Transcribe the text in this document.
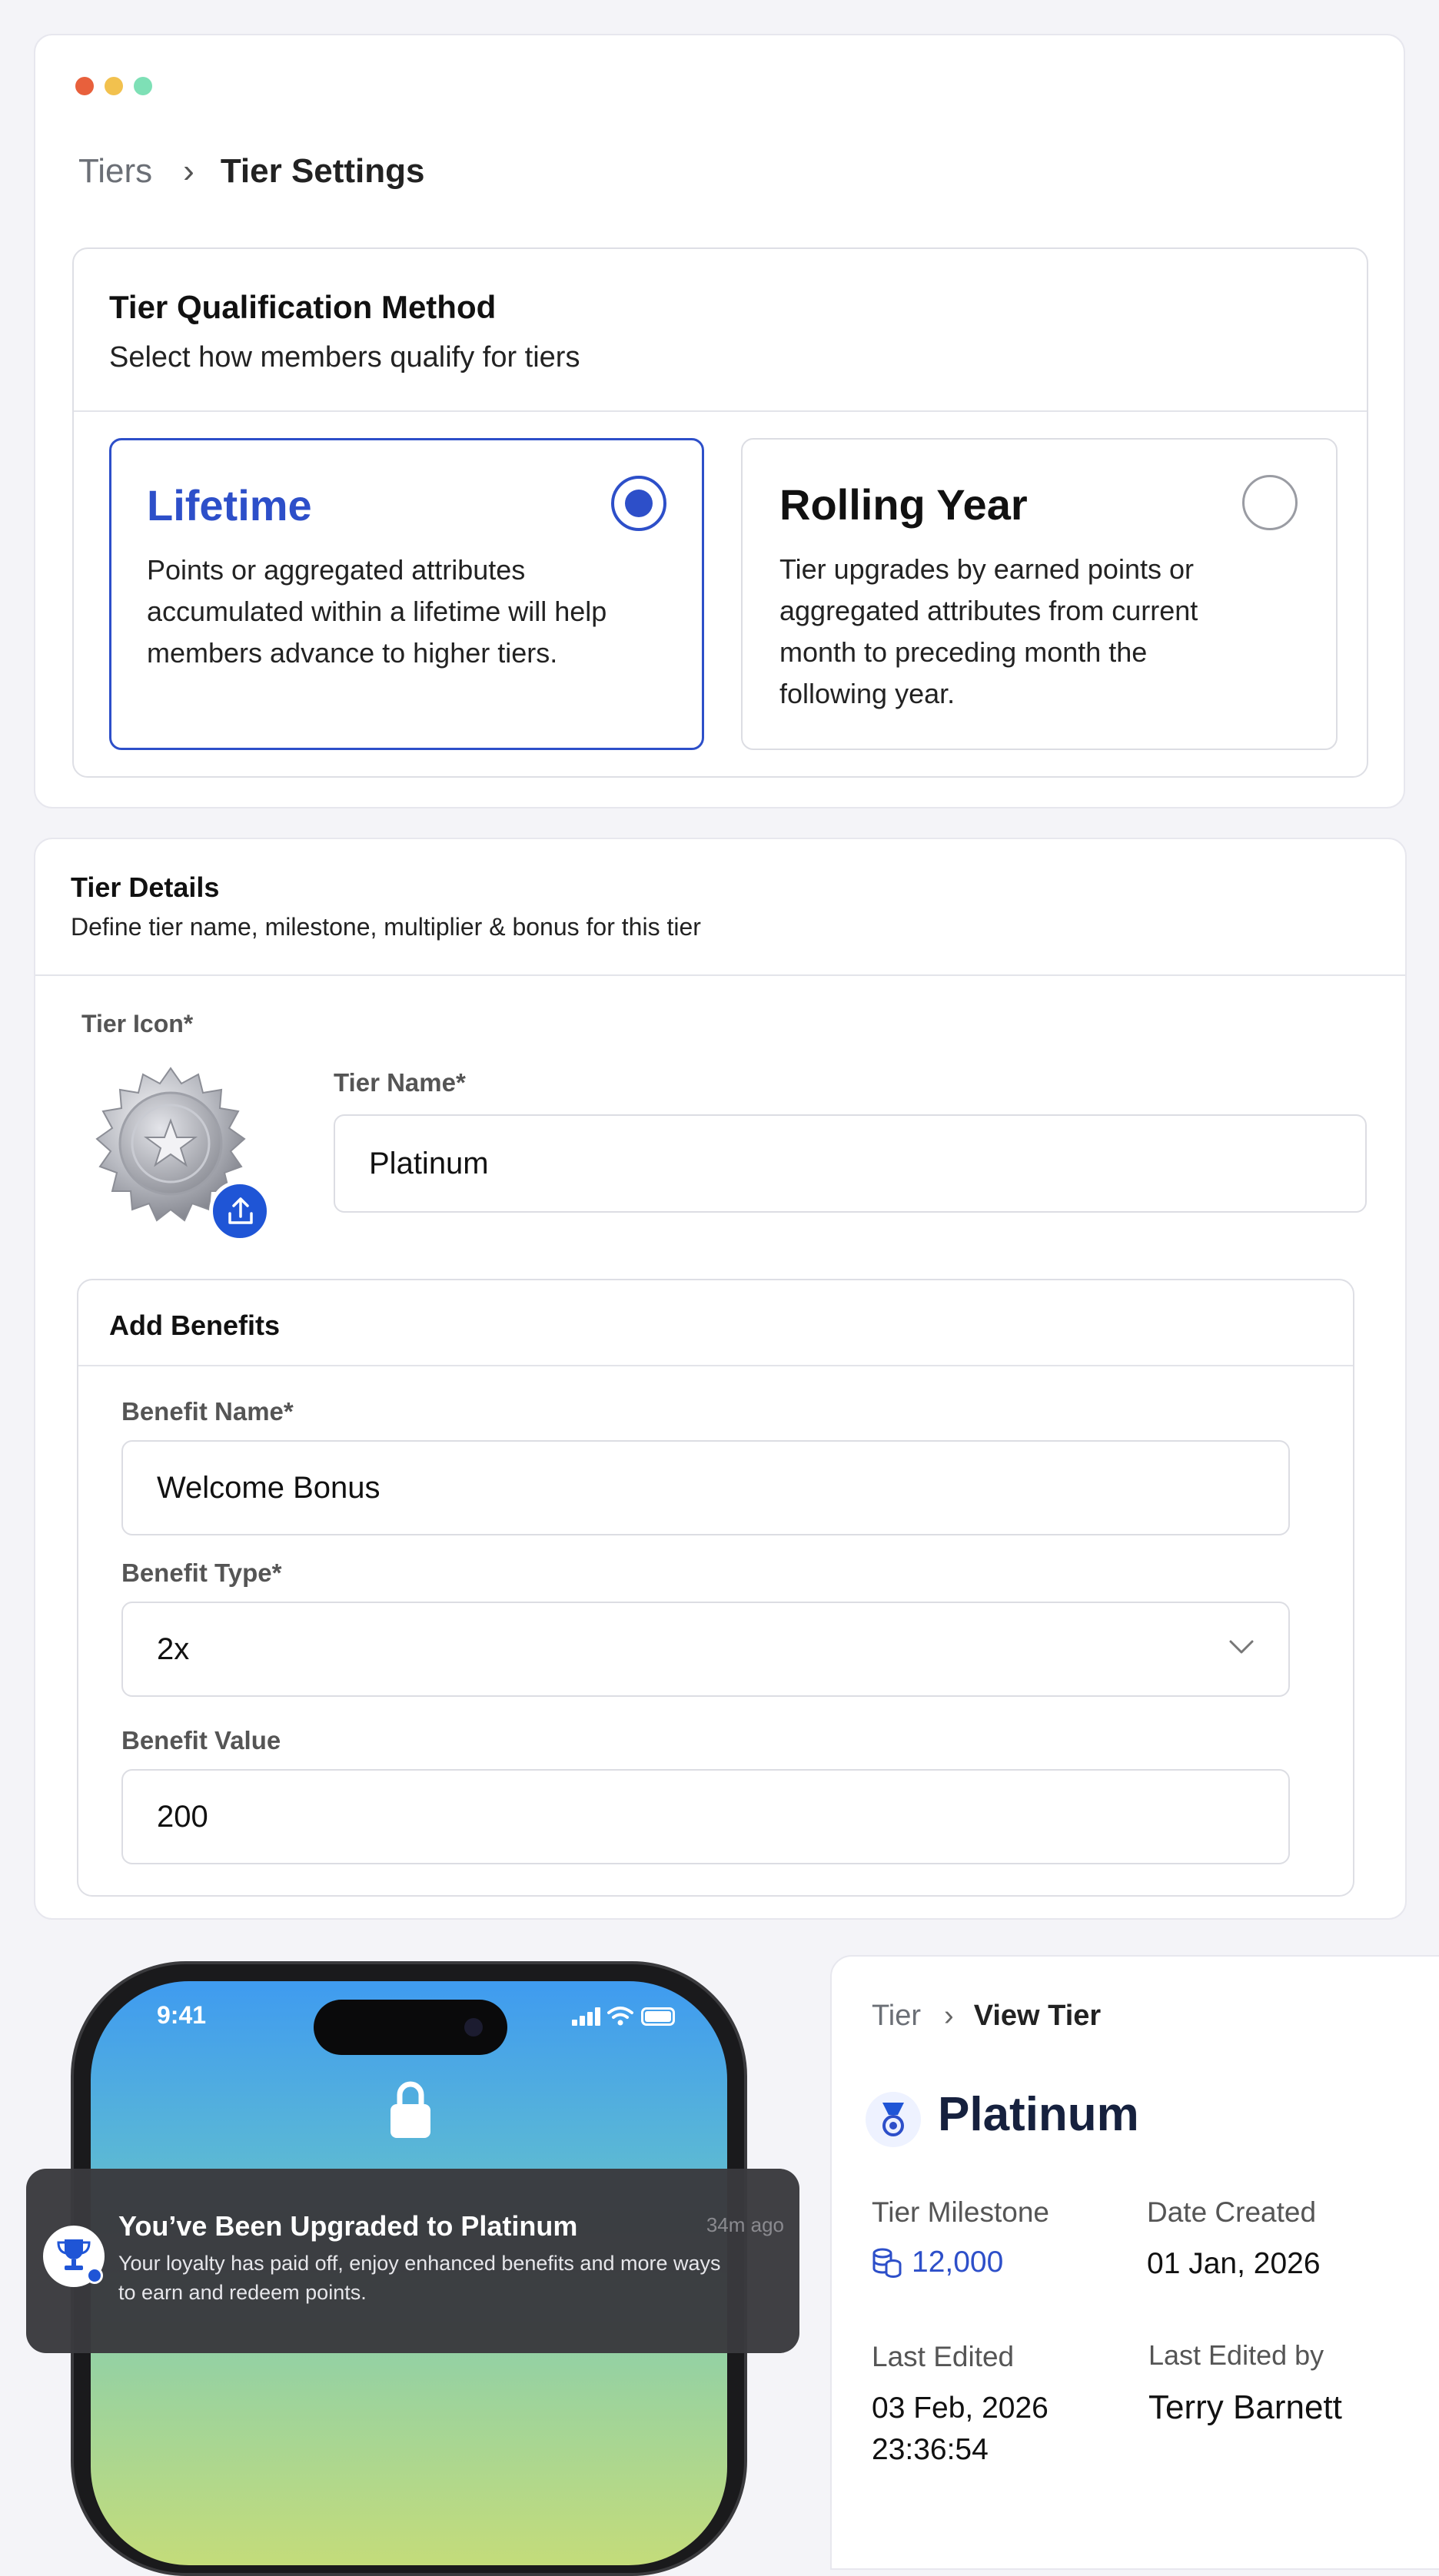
Tiers › Tier Settings
Tier Qualification Method
Select how members qualify for tiers
Lifetime
Points or aggregated attributes accumulated within a lifetime will help members advance to higher tiers.
Rolling Year
Tier upgrades by earned points or aggregated attributes from current month to preceding month the following year.
Tier Details
Define tier name, milestone, multiplier & bonus for this tier
Tier Icon*
Tier Name*
Platinum
Add Benefits
Benefit Name*
Welcome Bonus
Benefit Type*
2x
Benefit Value
200
9:41
You’ve Been Upgraded to Platinum	34m ago
Your loyalty has paid off, enjoy enhanced benefits and more ways
to earn and redeem points.
Tier › View Tier
Platinum
Tier Milestone
12,000
Date Created
01 Jan, 2026
Last Edited
03 Feb, 2026
23:36:54
Last Edited by
Terry Barnett
